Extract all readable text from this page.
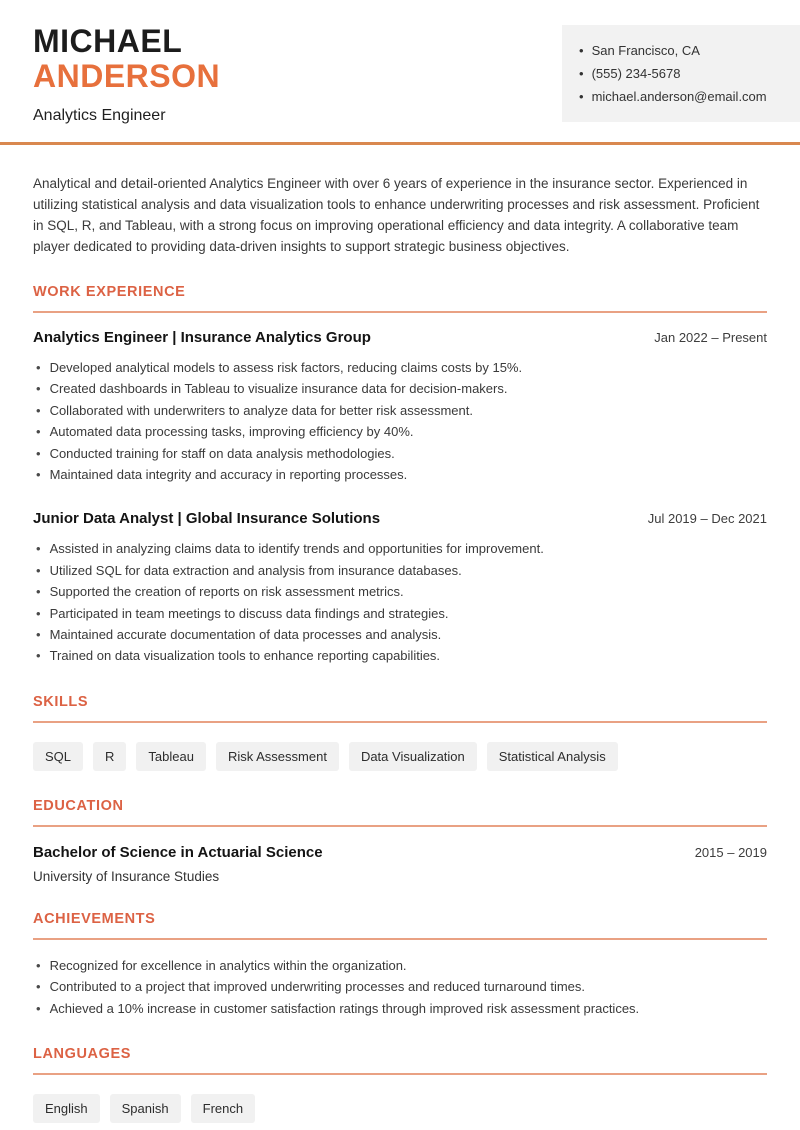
MICHAEL
ANDERSON
Analytics Engineer
• San Francisco, CA
• (555) 234-5678
• michael.anderson@email.com

Analytical and detail-oriented Analytics Engineer with over 6 years of experience in the insurance sector. Experienced in utilizing statistical analysis and data visualization tools to enhance underwriting processes and risk assessment. Proficient in SQL, R, and Tableau, with a strong focus on improving operational efficiency and data integrity. A collaborative team player dedicated to providing data-driven insights to support strategic business objectives.

WORK EXPERIENCE
Analytics Engineer | Insurance Analytics Group	Jan 2022 – Present
• Developed analytical models to assess risk factors, reducing claims costs by 15%.
• Created dashboards in Tableau to visualize insurance data for decision-makers.
• Collaborated with underwriters to analyze data for better risk assessment.
• Automated data processing tasks, improving efficiency by 40%.
• Conducted training for staff on data analysis methodologies.
• Maintained data integrity and accuracy in reporting processes.
Junior Data Analyst | Global Insurance Solutions	Jul 2019 – Dec 2021
• Assisted in analyzing claims data to identify trends and opportunities for improvement.
• Utilized SQL for data extraction and analysis from insurance databases.
• Supported the creation of reports on risk assessment metrics.
• Participated in team meetings to discuss data findings and strategies.
• Maintained accurate documentation of data processes and analysis.
• Trained on data visualization tools to enhance reporting capabilities.
SKILLS
SQL	R	Tableau	Risk Assessment	Data Visualization	Statistical Analysis
EDUCATION
Bachelor of Science in Actuarial Science	2015 – 2019
University of Insurance Studies
ACHIEVEMENTS
• Recognized for excellence in analytics within the organization.
• Contributed to a project that improved underwriting processes and reduced turnaround times.
• Achieved a 10% increase in customer satisfaction ratings through improved risk assessment practices.
LANGUAGES
English	Spanish	French
